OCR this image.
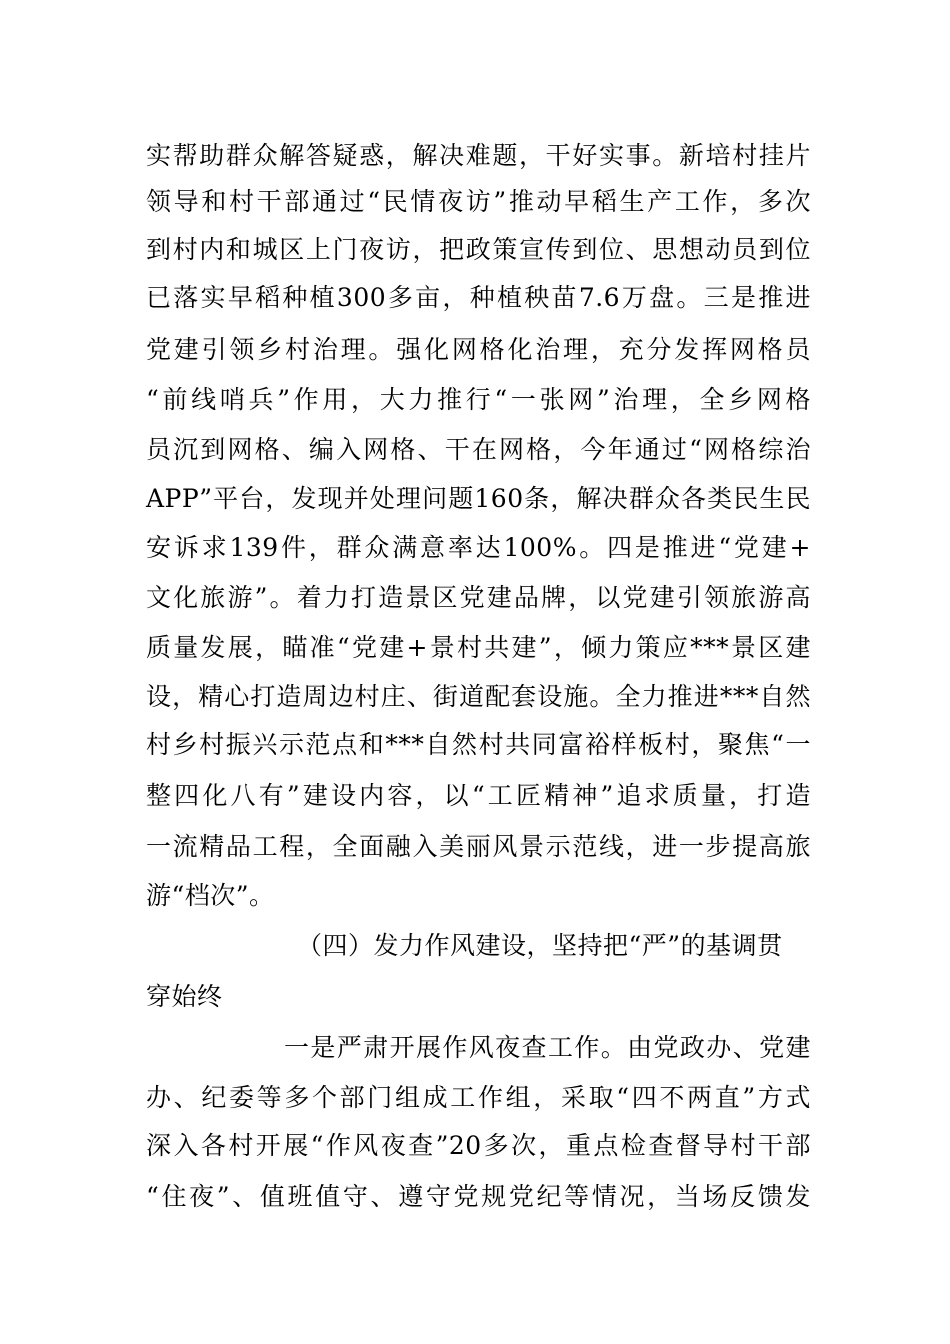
实帮助群众解答疑惑，解决难题，干好实事。新培村挂片
领导和村干部通过“民情夜访”推动早稻生产工作，多次
到村内和城区上门夜访，把政策宣传到位、思想动员到位
已落实早稻种植300多亩，种植秧苗7.6万盘。三是推进
党建引领乡村治理。强化网格化治理，充分发挥网格员
“前线哨兵”作用，大力推行“一张网”治理，全乡网格
员沉到网格、编入网格、干在网格，今年通过“网格综治
APP”平台，发现并处理问题160条，解决群众各类民生民
安诉求139件，群众满意率达100%。四是推进“党建+
文化旅游”。着力打造景区党建品牌，以党建引领旅游高
质量发展，瞄准“党建+景村共建”，倾力策应***景区建
设，精心打造周边村庄、街道配套设施。全力推进***自然
村乡村振兴示范点和***自然村共同富裕样板村，聚焦“一
整四化八有”建设内容，以“工匠精神”追求质量，打造
一流精品工程，全面融入美丽风景示范线，进一步提高旅
游“档次”。
（四）发力作风建设，坚持把“严”的基调贯
穿始终
一是严肃开展作风夜查工作。由党政办、党建
办、纪委等多个部门组成工作组，采取“四不两直”方式
深入各村开展“作风夜查”20多次，重点检查督导村干部
“住夜”、值班值守、遵守党规党纪等情况，当场反馈发
